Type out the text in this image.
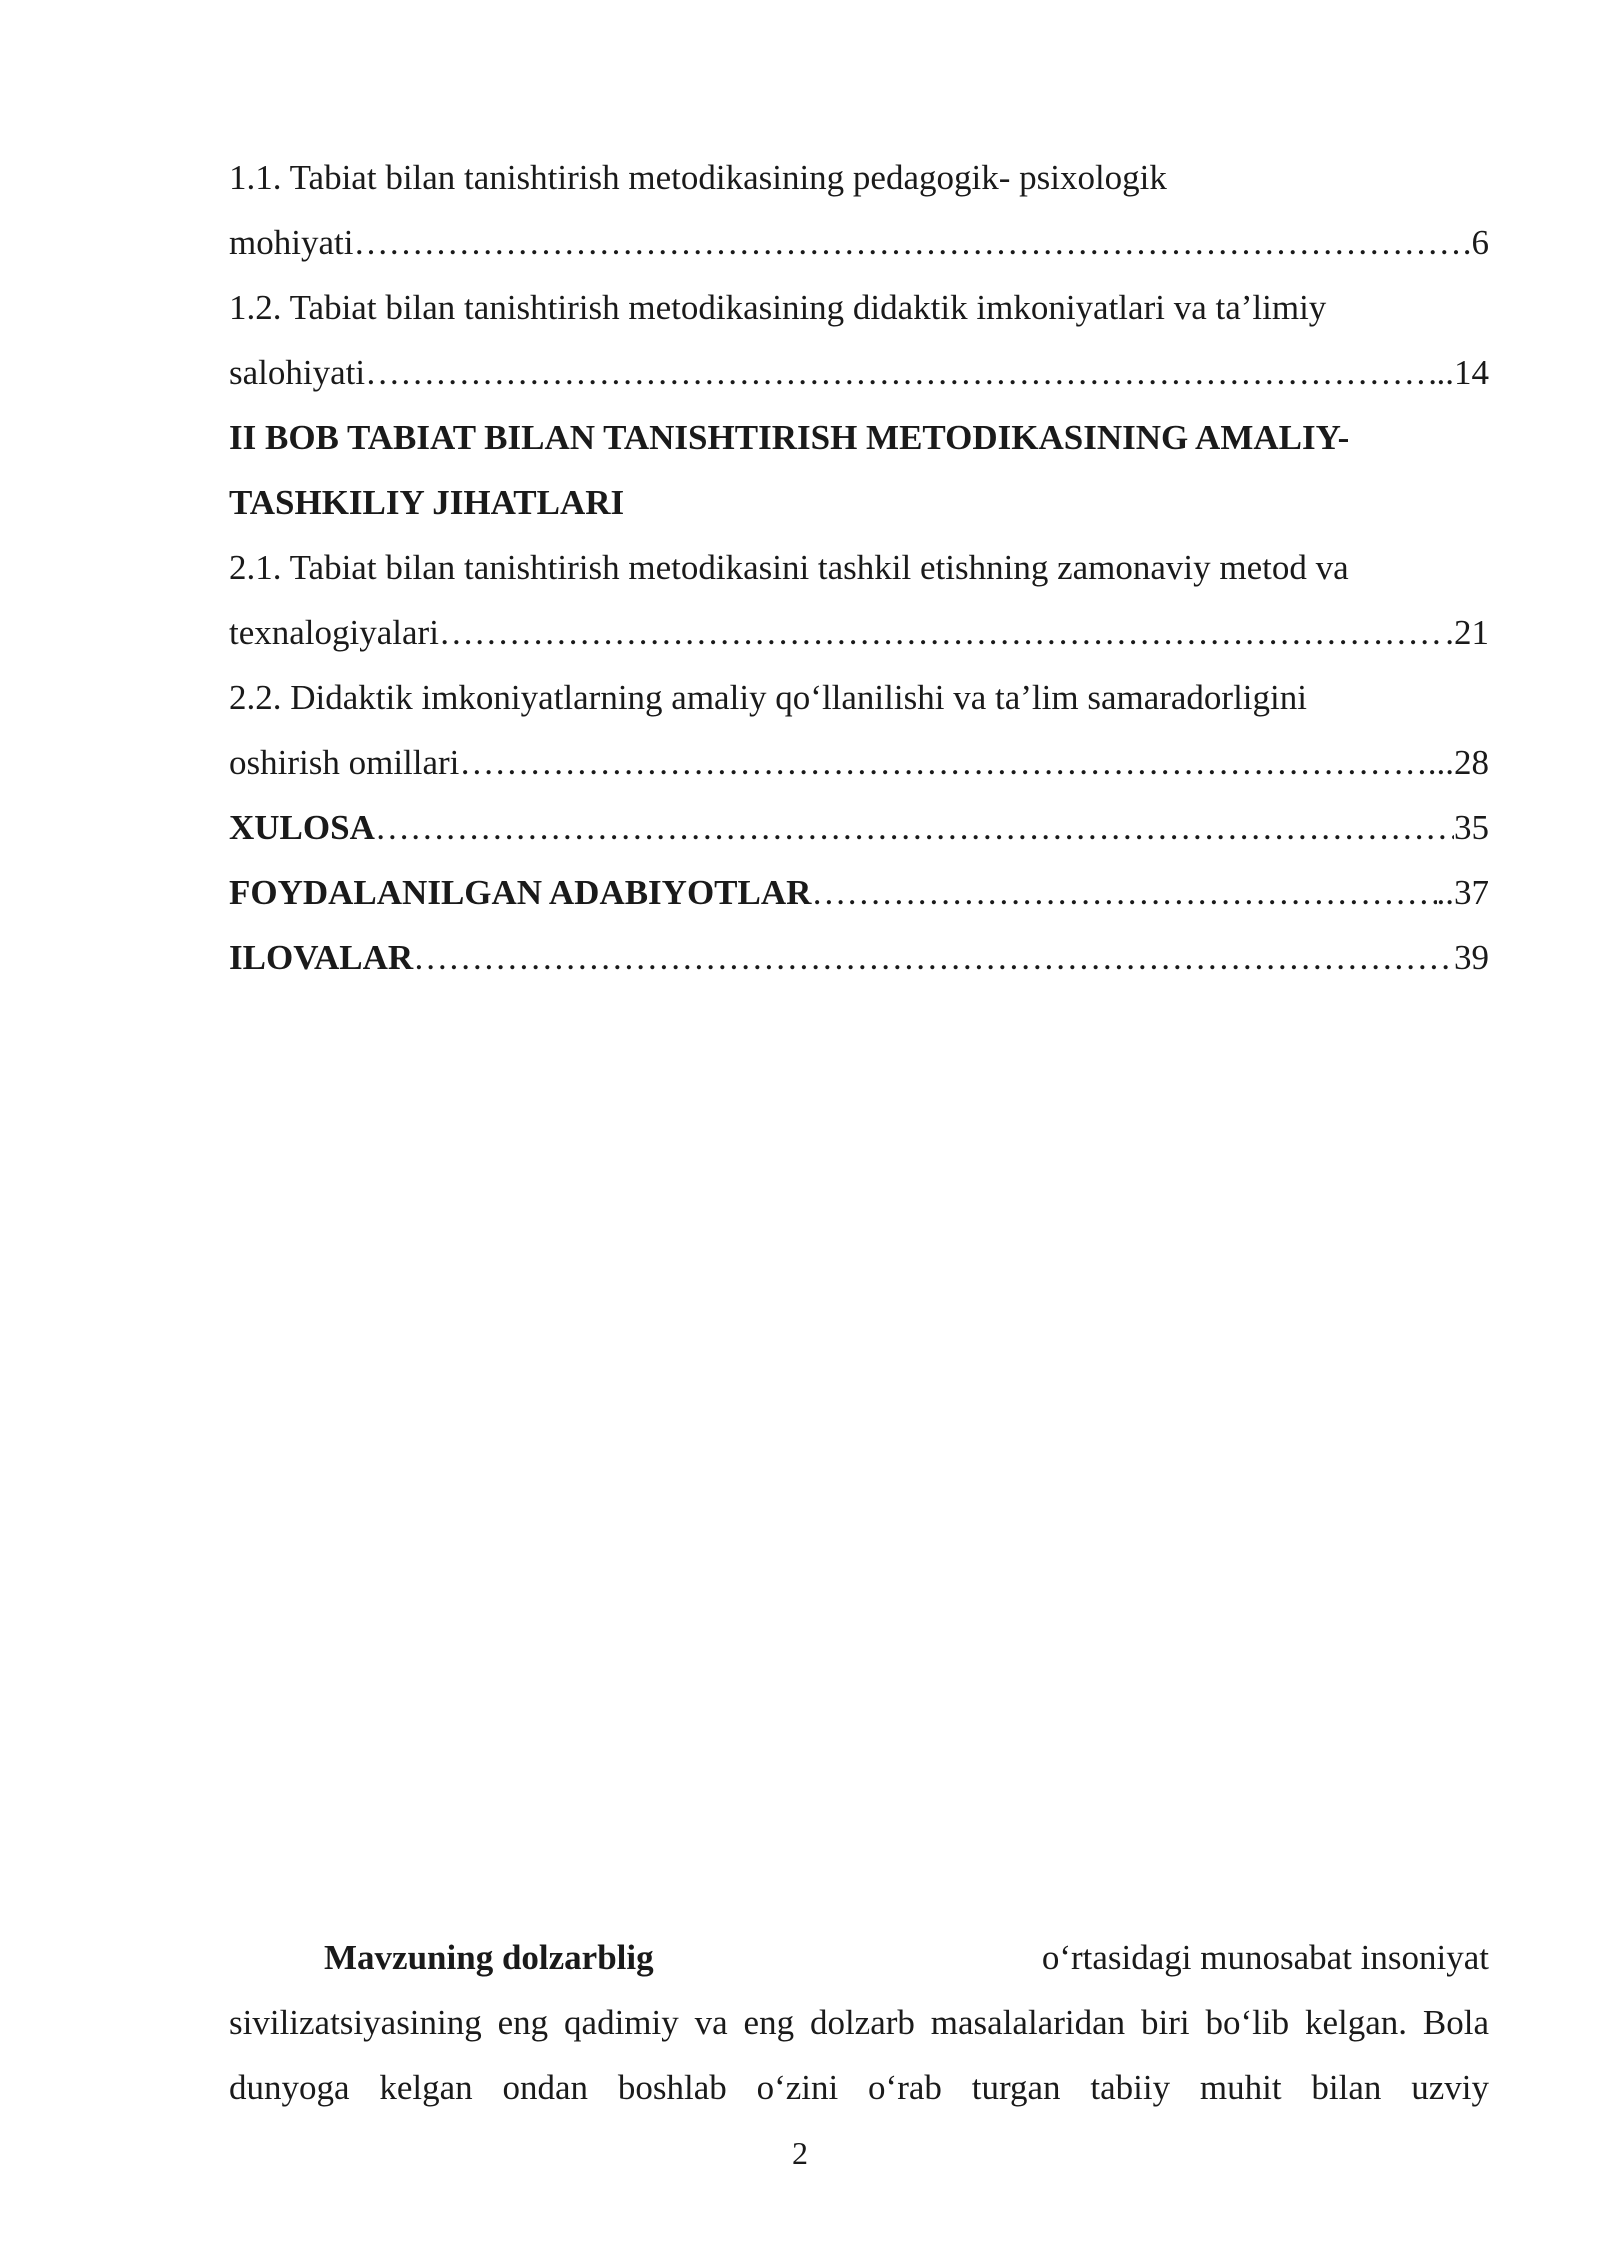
1.1. Tabiat bilan tanishtirish metodikasining pedagogik- psixologik
mohiyati …………………………………………………………………………………………………………………………………………………………………………………………	.6
1.2. Tabiat bilan tanishtirish metodikasining didaktik imkoniyatlari va ta’limiy
salohiyati …………………………………………………………………………………………………………………………………………………………………………………………	..14
II BOB TABIAT BILAN TANISHTIRISH METODIKASINING AMALIY-
TASHKILIY JIHATLARI
2.1. Tabiat bilan tanishtirish metodikasini tashkil etishning zamonaviy metod va
texnalogiyalari …………………………………………………………………………………………………………………………………………………………………………………………	.21
2.2. Didaktik imkoniyatlarning amaliy qo‘llanilishi va ta’lim samaradorligini
oshirish omillari …………………………………………………………………………………………………………………………………………………………………………………………	...28
XULOSA …………………………………………………………………………………………………………………………………………………………………………………………	35
FOYDALANILGAN ADABIYOTLAR …………………………………………………………………………………………………………………………………………………………………………………………	..37
ILOVALAR …………………………………………………………………………………………………………………………………………………………………………………………	39
Mavzuning dolzarblig	o‘rtasidagi munosabat insoniyat
sivilizatsiyasining eng qadimiy va eng dolzarb masalalaridan biri bo‘lib kelgan. Bola
dunyoga kelgan ondan boshlab o‘zini o‘rab turgan tabiiy muhit bilan uzviy
2
